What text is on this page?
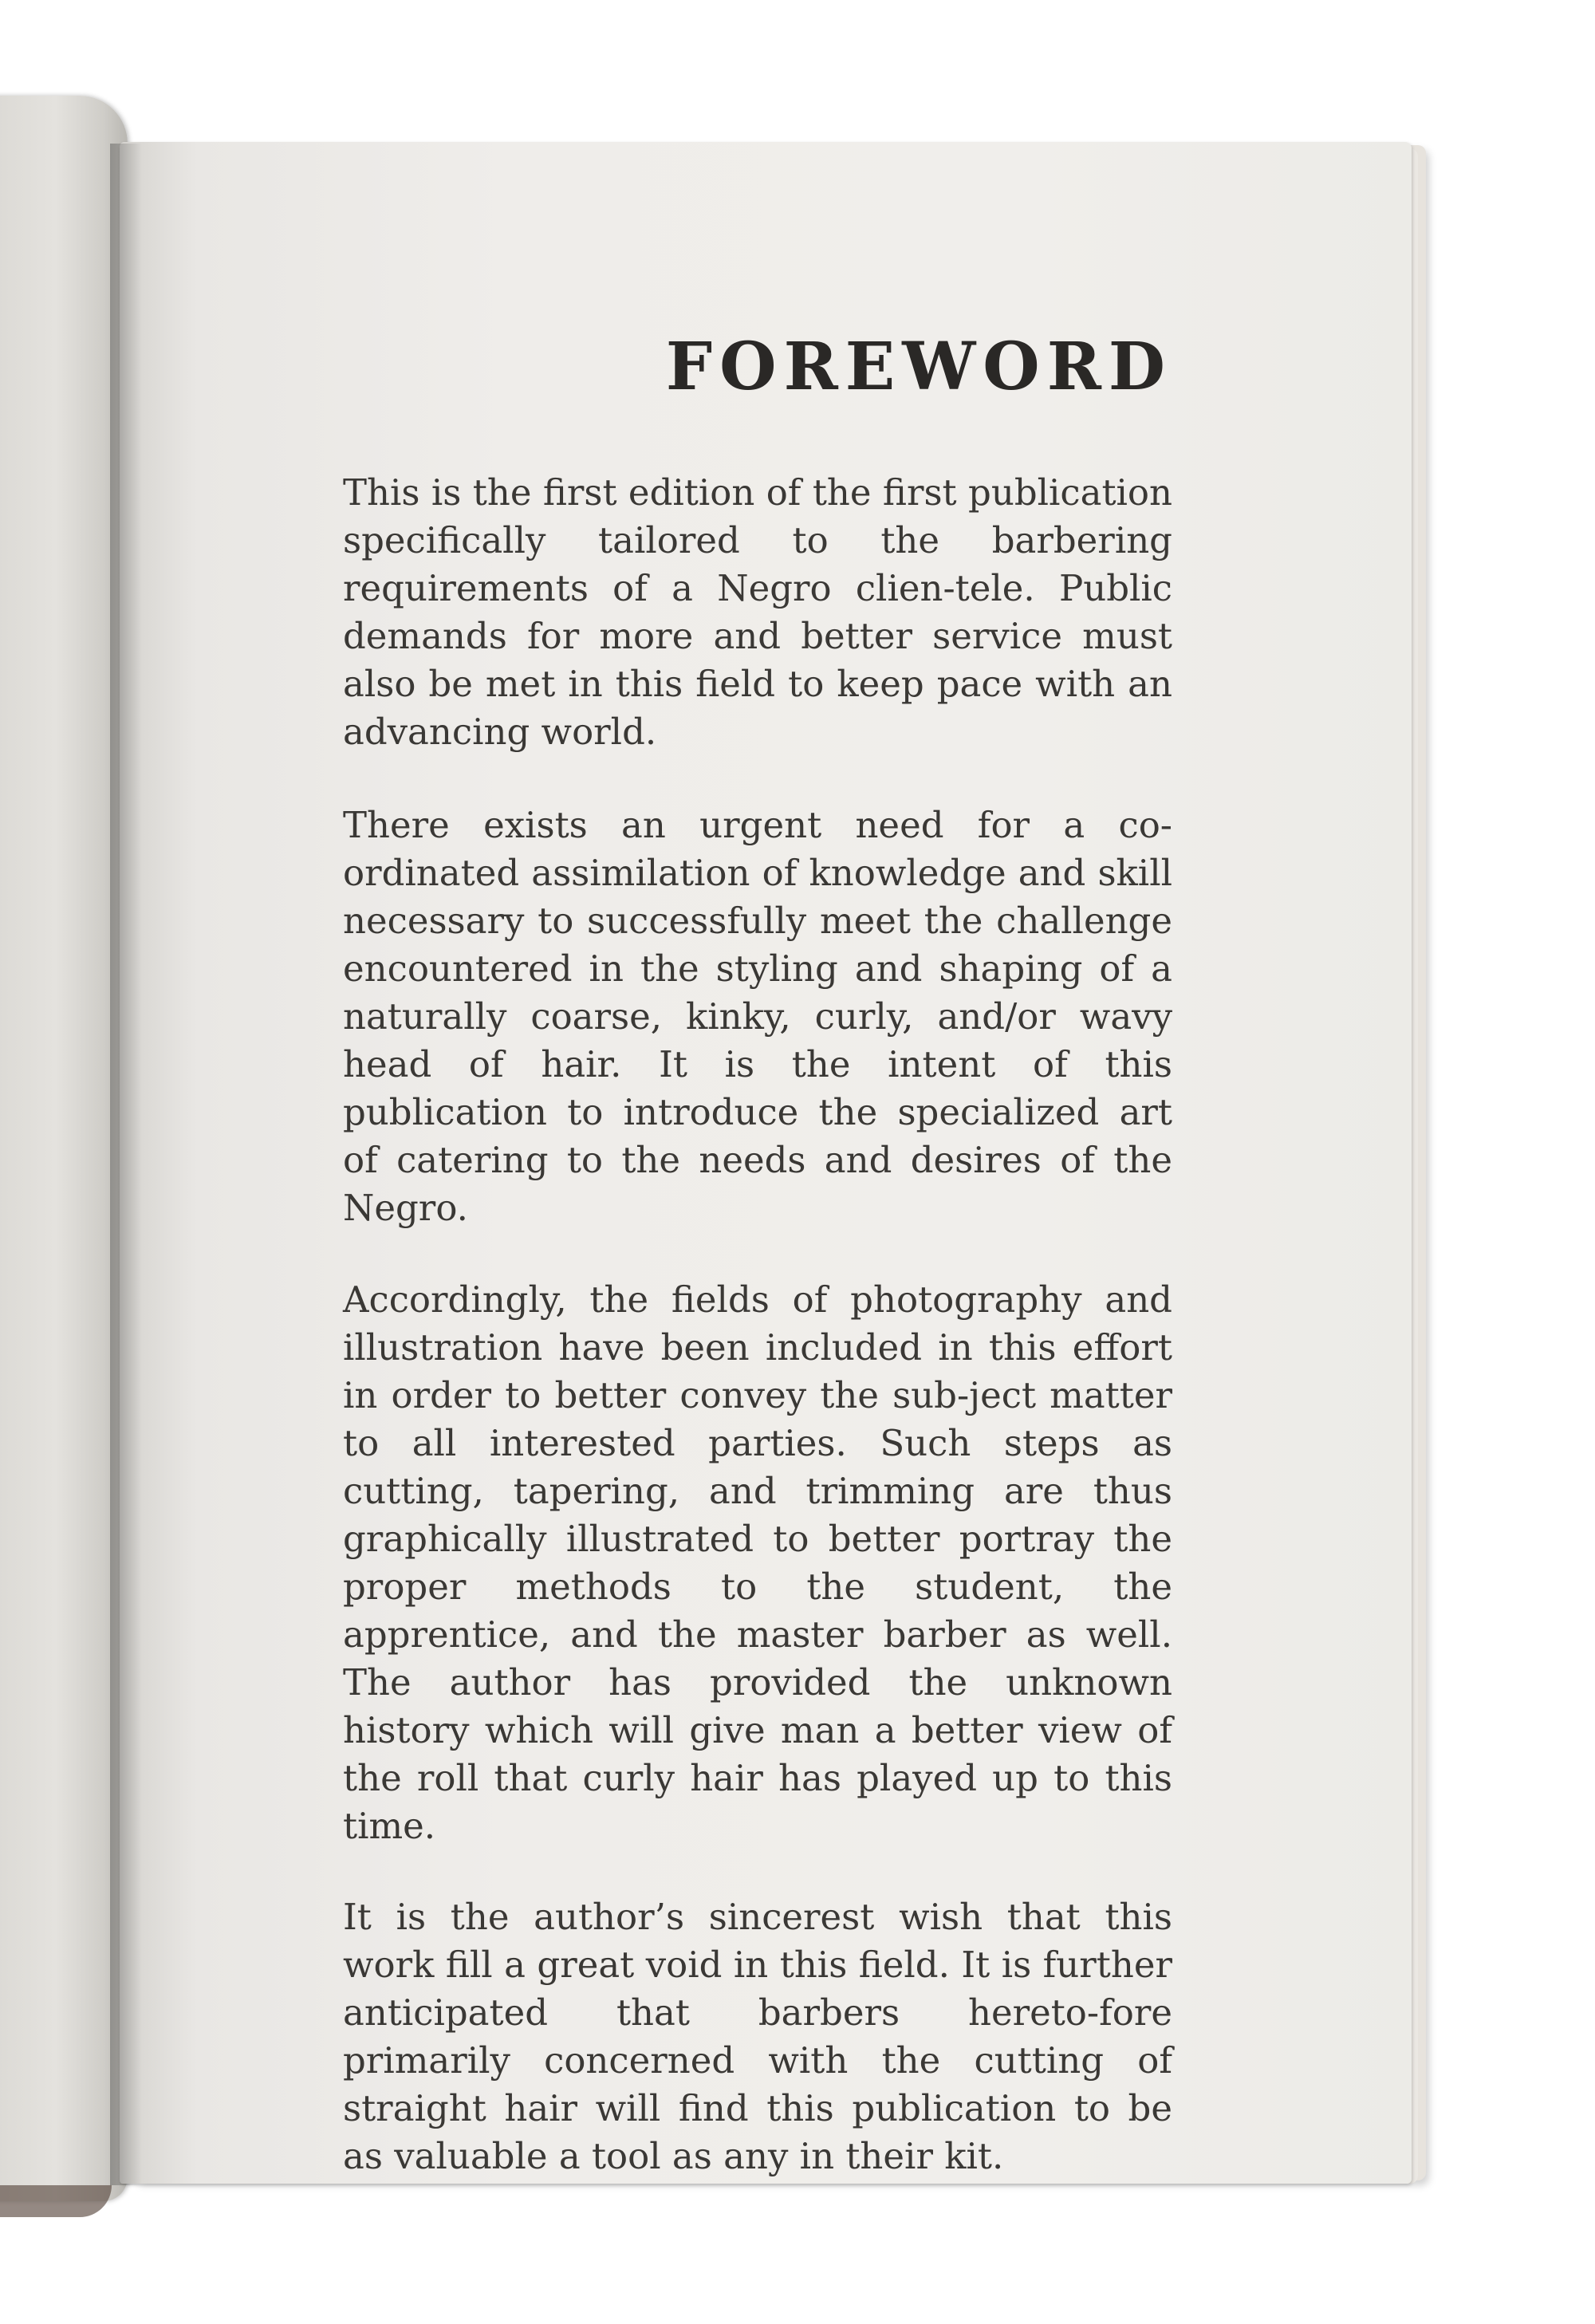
FOREWORD

This is the first edition of the first publication specifically tailored to the barbering requirements of a Negro clien-tele. Public demands for more and better service must also be met in this field to keep pace with an advancing world.

There exists an urgent need for a co-ordinated assimilation of knowledge and skill necessary to successfully meet the challenge encountered in the styling and shaping of a naturally coarse, kinky, curly, and/or wavy head of hair. It is the intent of this publication to introduce the specialized art of catering to the needs and desires of the Negro.

Accordingly, the fields of photography and illustration have been included in this effort in order to better convey the sub-ject matter to all interested parties. Such steps as cutting, tapering, and trimming are thus graphically illustrated to better portray the proper methods to the student, the apprentice, and the master barber as well. The author has provided the unknown history which will give man a better view of the roll that curly hair has played up to this time.

It is the author’s sincerest wish that this work fill a great void in this field. It is further anticipated that barbers hereto-fore primarily concerned with the cutting of straight hair will find this publication to be as valuable a tool as any in their kit.
